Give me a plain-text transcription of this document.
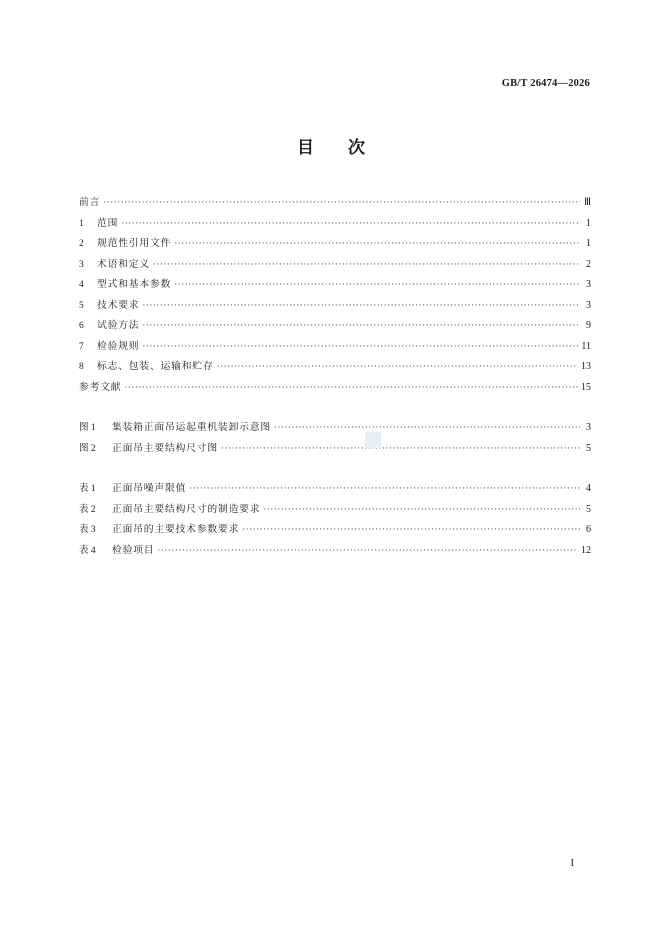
GB/T 26474—2026
目次
前言 ·····	Ⅲ
1	范围 ·····	1
2	规范性引用文件 ·····	1
3	术语和定义 ·····	2
4	型式和基本参数 ·····	3
5	技术要求 ·····	3
6	试验方法 ·····	9
7	检验规则 ·····	11
8	标志、包装、运输和贮存 ·····	13
参考文献 ·····	15
图 1	集装箱正面吊运起重机装卸示意图 ·····	3
图 2	正面吊主要结构尺寸图 ·····	5
表 1	正面吊噪声限值 ·····	4
表 2	正面吊主要结构尺寸的制造要求 ·····	5
表 3	正面吊的主要技术参数要求 ·····	6
表 4	检验项目 ·····	12
I
